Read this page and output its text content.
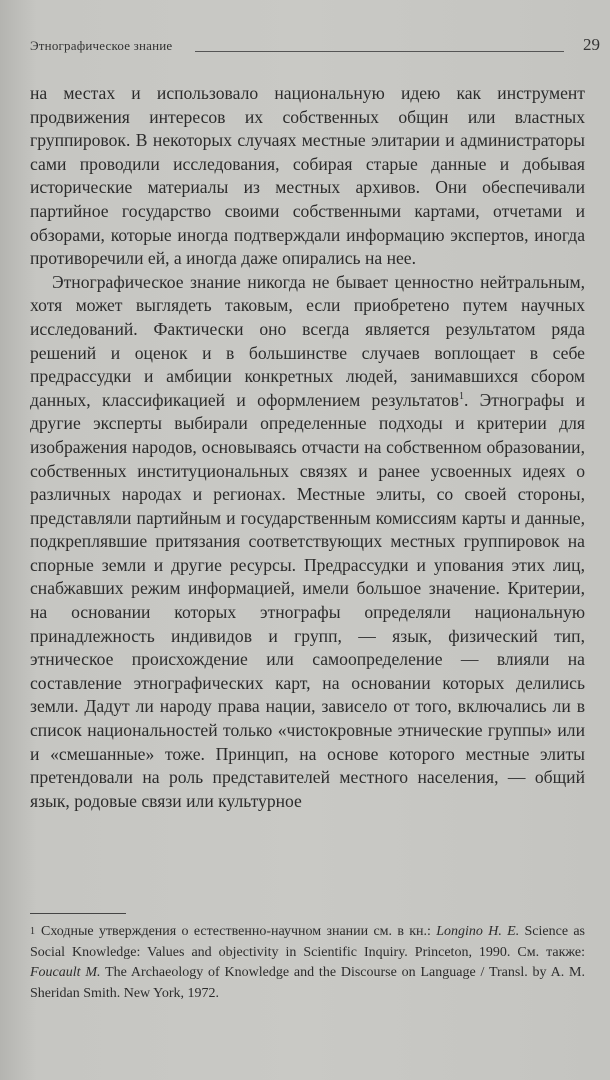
Этнографическое знание	29

на местах и использовало национальную идею как инструмент продвижения интересов их собственных общин или властных группировок. В некоторых случаях местные элитарии и администраторы сами проводили исследования, собирая старые данные и добывая исторические материалы из местных архивов. Они обеспечивали партийное государство своими собственными картами, отчетами и обзорами, которые иногда подтверждали информацию экспертов, иногда противоречили ей, а иногда даже опирались на нее.

Этнографическое знание никогда не бывает ценностно нейтральным, хотя может выглядеть таковым, если приобретено путем научных исследований. Фактически оно всегда является результатом ряда решений и оценок и в большинстве случаев воплощает в себе предрассудки и амбиции конкретных людей, занимавшихся сбором данных, классификацией и оформлением результатов$^1$. Этнографы и другие эксперты выбирали определенные подходы и критерии для изображения народов, основываясь отчасти на собственном образовании, собственных институциональных связях и ранее усвоенных идеях о различных народах и регионах. Местные элиты, со своей стороны, представляли партийным и государственным комиссиям карты и данные, подкреплявшие притязания соответствующих местных группировок на спорные земли и другие ресурсы. Предрассудки и упования этих лиц, снабжавших режим информацией, имели большое значение. Критерии, на основании которых этнографы определяли национальную принадлежность индивидов и групп, — язык, физический тип, этническое происхождение или самоопределение — влияли на составление этнографических карт, на основании которых делились земли. Дадут ли народу права нации, зависело от того, включались ли в список национальностей только «чистокровные этнические группы» или и «смешанные» тоже. Принцип, на основе которого местные элиты претендовали на роль представителей местного населения, — общий язык, родовые связи или культурное

$^1$ Сходные утверждения о естественно-научном знании см. в кн.: Longino H. E. Science as Social Knowledge: Values and objectivity in Scientific Inquiry. Princeton, 1990. См. также: Foucault M. The Archaeology of Knowledge and the Discourse on Language / Transl. by A. M. Sheridan Smith. New York, 1972.
